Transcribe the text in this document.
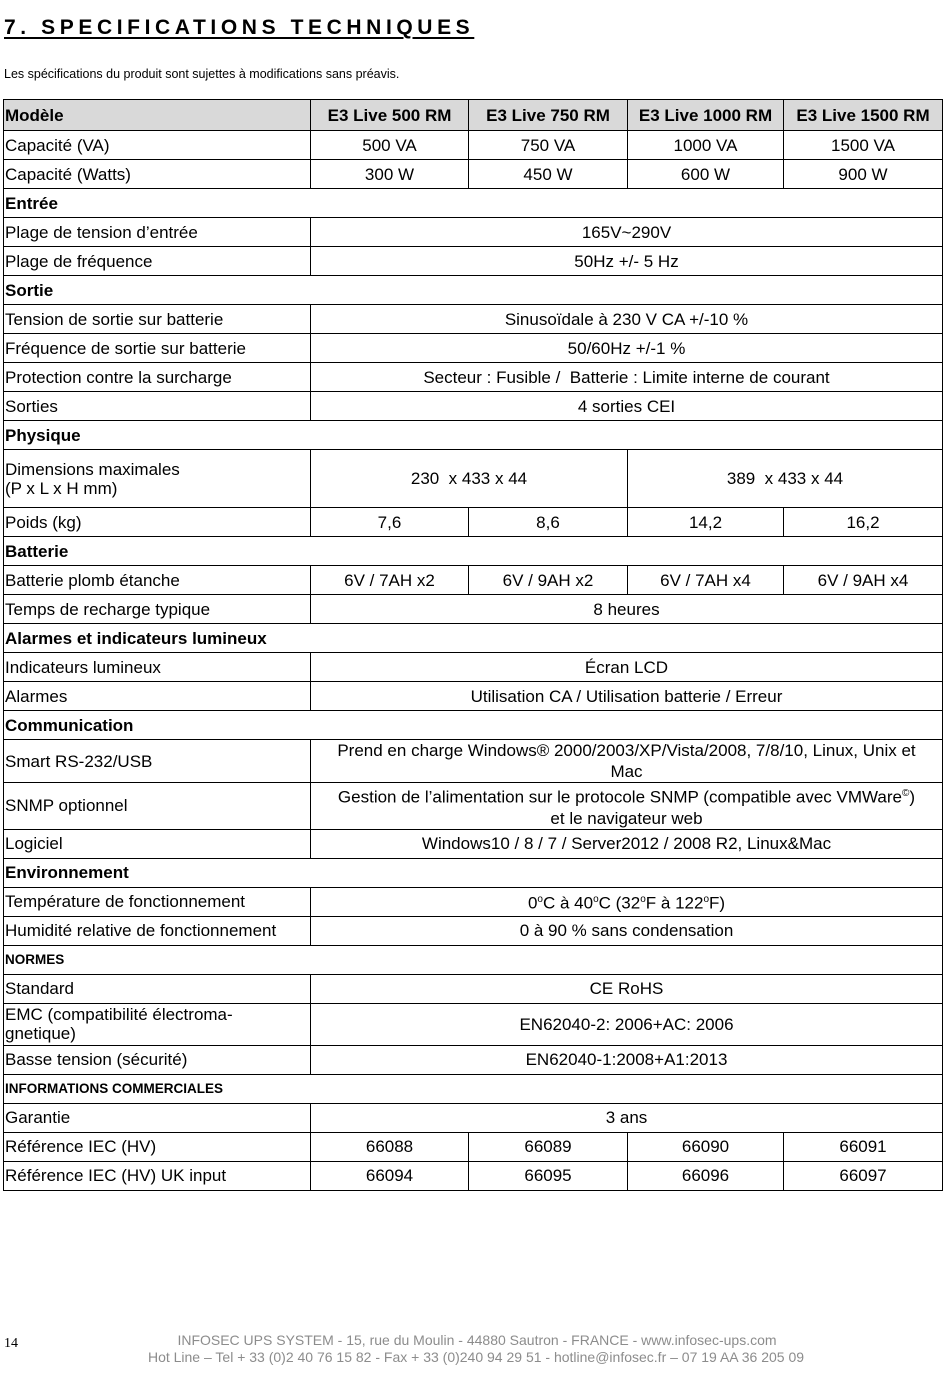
7. SPECIFICATIONS TECHNIQUES
Les spécifications du produit sont sujettes à modifications sans préavis.
Modèle	E3 Live 500 RM	E3 Live 750 RM	E3 Live 1000 RM	E3 Live 1500 RM
Capacité (VA)	500 VA	750 VA	1000 VA	1500 VA
Capacité (Watts)	300 W	450 W	600 W	900 W
Entrée				
Plage de tension d’entrée	165V~290V			
Plage de fréquence	50Hz +/- 5 Hz			
Sortie				
Tension de sortie sur batterie	Sinusoïdale à 230 V CA +/-10 %			
Fréquence de sortie sur batterie	50/60Hz +/-1 %			
Protection contre la surcharge	Secteur : Fusible /  Batterie : Limite interne de courant			
Sorties	4 sorties CEI			
Physique				

Dimensions maximales
(P x L x H mm)	230  x 433 x 44		389  x 433 x 44	
Poids (kg)	7,6	8,6	14,2	16,2
Batterie				
Batterie plomb étanche	6V / 7AH x2	6V / 9AH x2	6V / 7AH x4	6V / 9AH x4
Temps de recharge typique	8 heures			
Alarmes et indicateurs lumineux				
Indicateurs lumineux	Écran LCD			
Alarmes	Utilisation CA / Utilisation batterie / Erreur			
Communication				
Smart RS-232/USB	Prend en charge Windows® 2000/2003/XP/Vista/2008, 7/8/10, Linux, Unix et
Mac			

SNMP optionnel	Gestion de l’alimentation sur le protocole SNMP (compatible avec VMWare©)
et le navigateur web			

Logiciel	Windows10 / 8 / 7 / Server2012 / 2008 R2, Linux&Mac			
Environnement				
Température de fonctionnement	0$^o$C à 40$^o$C (32$^o$F à 122$^o$F)			
Humidité relative de fonctionnement	0 à 90 % sans condensation			
NORMES				
Standard	CE RoHS			

EMC (compatibilité électroma-
gnetique)	EN62040-2: 2006+AC: 2006			
Basse tension (sécurité)	EN62040-1:2008+A1:2013			
INFORMATIONS COMMERCIALES				
Garantie	3 ans			
Référence IEC (HV)	66088	66089	66090	66091
Référence IEC (HV) UK input	66094	66095	66096	66097
14	INFOSEC UPS SYSTEM - 15, rue du Moulin - 44880 Sautron - FRANCE - www.infosec-ups.com
Hot Line – Tel + 33 (0)2 40 76 15 82 - Fax + 33 (0)240 94 29 51 - hotline@infosec.fr – 07 19 AA 36 205 09
